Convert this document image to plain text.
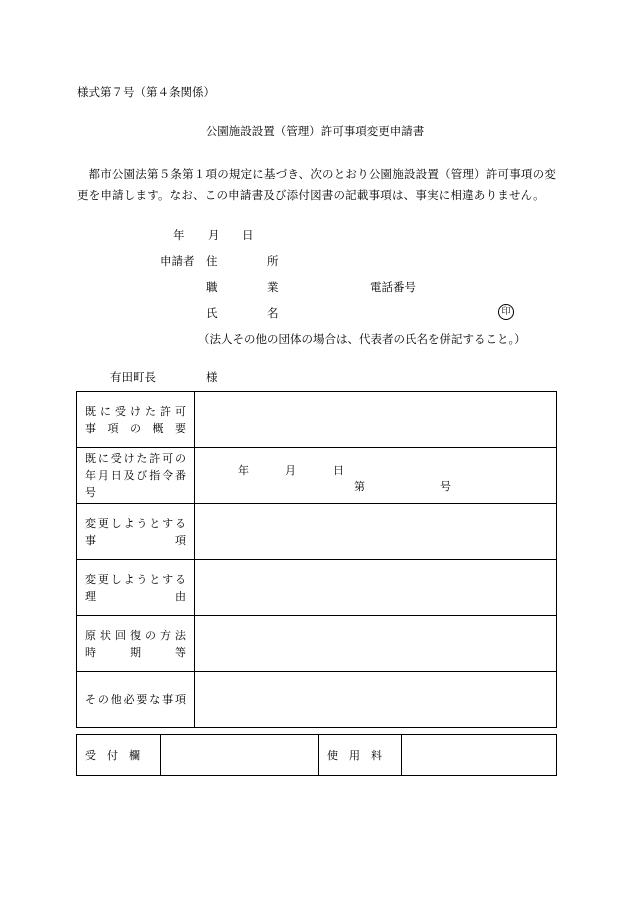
様式第７号（第４条関係）
公園施設設置（管理）許可事項変更申請書
都市公園法第５条第１項の規定に基づき、次のとおり公園施設設置（管理）許可事項の変更を申請します。なお、この申請書及び添付図書の記載事項は、事実に相違ありません。
年 月 日
申請者 住	所
職	業	電話番号
氏	名	印
（法人その他の団体の場合は、代表者の氏名を併記すること。）
有田町長	様
既に受けた許可
事項の概要	

既に受けた許可の
年月日及び指令番
号	年 月 日
第 号

変更しようとする
事項	

変更しようとする
理由	

原状回復の方法
時期等	

その他必要な事項	

受　付　欄		使　用　料	
